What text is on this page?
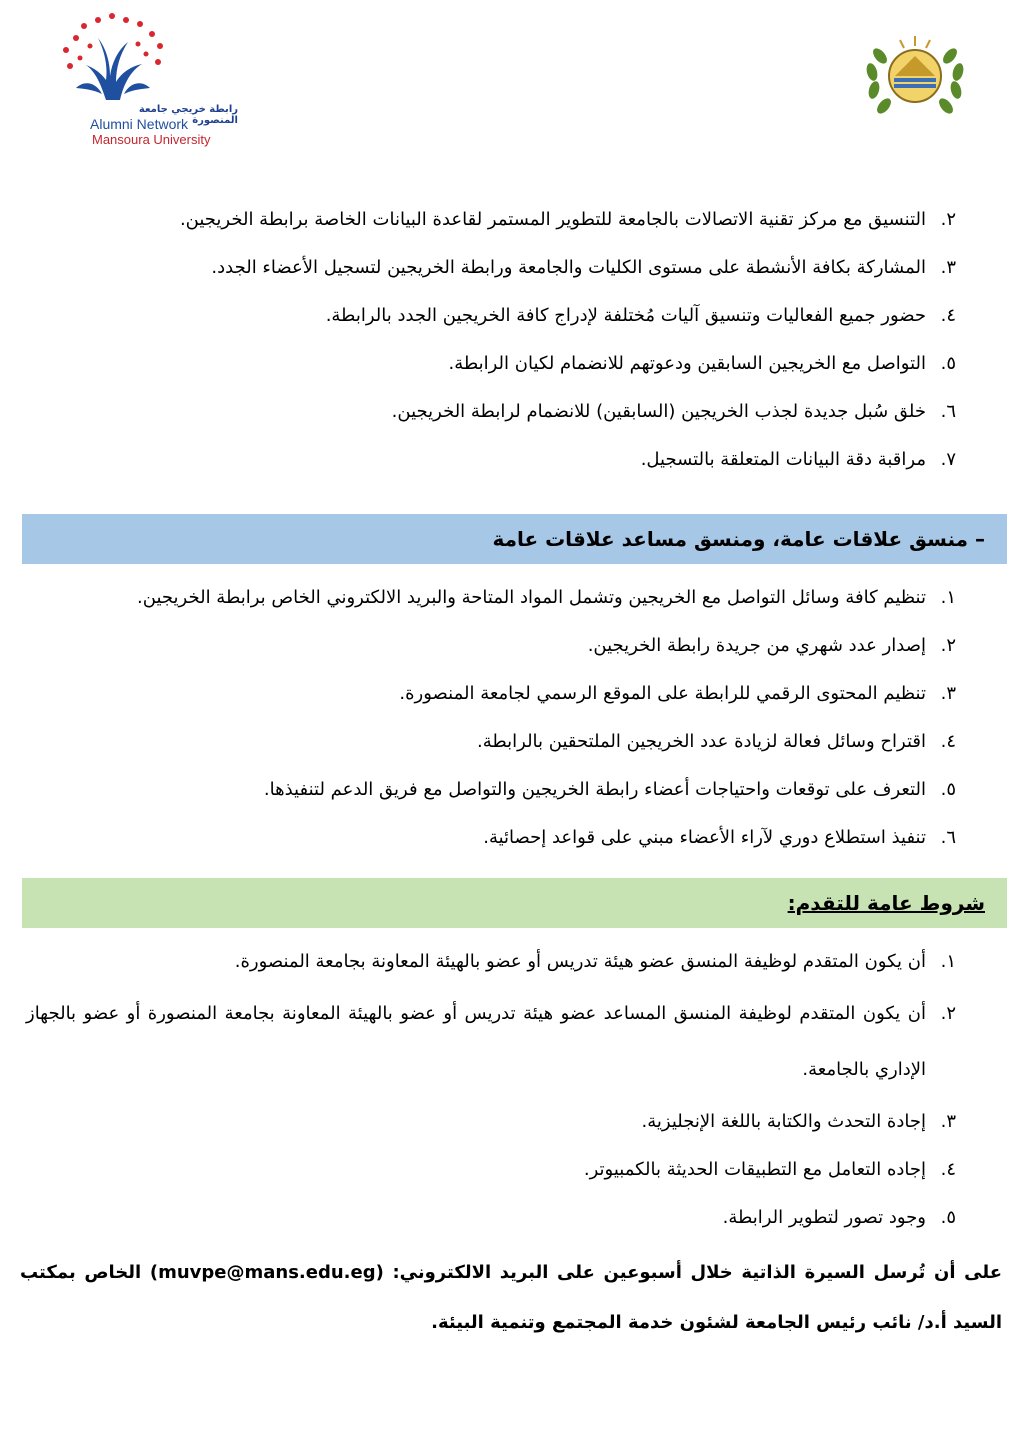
رابطة خريجي جامعة المنصورة
Alumni Network
Mansoura University
٢.
التنسيق مع مركز تقنية الاتصالات بالجامعة للتطوير المستمر لقاعدة البيانات الخاصة برابطة الخريجين.
٣.
المشاركة بكافة الأنشطة على مستوى الكليات والجامعة ورابطة الخريجين لتسجيل الأعضاء الجدد.
٤.
حضور جميع الفعاليات وتنسيق آليات مُختلفة لإدراج كافة الخريجين الجدد بالرابطة.
٥.
التواصل مع الخريجين السابقين ودعوتهم للانضمام لكيان الرابطة.
٦.
خلق سُبل جديدة لجذب الخريجين (السابقين) للانضمام لرابطة الخريجين.
٧.
مراقبة دقة البيانات المتعلقة بالتسجيل.
– منسق علاقات عامة، ومنسق مساعد علاقات عامة
١.
تنظيم كافة وسائل التواصل مع الخريجين وتشمل المواد المتاحة والبريد الالكتروني الخاص برابطة الخريجين.
٢.
إصدار عدد شهري من جريدة رابطة الخريجين.
٣.
تنظيم المحتوى الرقمي للرابطة على الموقع الرسمي لجامعة المنصورة.
٤.
اقتراح وسائل فعالة لزيادة عدد الخريجين الملتحقين بالرابطة.
٥.
التعرف على توقعات واحتياجات أعضاء رابطة الخريجين والتواصل مع فريق الدعم لتنفيذها.
٦.
تنفيذ استطلاع دوري لآراء الأعضاء مبني على قواعد إحصائية.
شروط عامة للتقدم:
١.
أن يكون المتقدم لوظيفة المنسق عضو هيئة تدريس أو عضو بالهيئة المعاونة بجامعة المنصورة.
٢.
أن يكون المتقدم لوظيفة المنسق المساعد عضو هيئة تدريس أو عضو بالهيئة المعاونة بجامعة المنصورة أو عضو بالجهاز الإداري بالجامعة.
٣.
إجادة التحدث والكتابة باللغة الإنجليزية.
٤.
إجاده التعامل مع التطبيقات الحديثة بالكمبيوتر.
٥.
وجود تصور لتطوير الرابطة.
على أن تُرسل السيرة الذاتية خلال أسبوعين على البريد الالكتروني: (muvpe@mans.edu.eg) الخاص بمكتب السيد أ.د/ نائب رئيس الجامعة لشئون خدمة المجتمع وتنمية البيئة.
